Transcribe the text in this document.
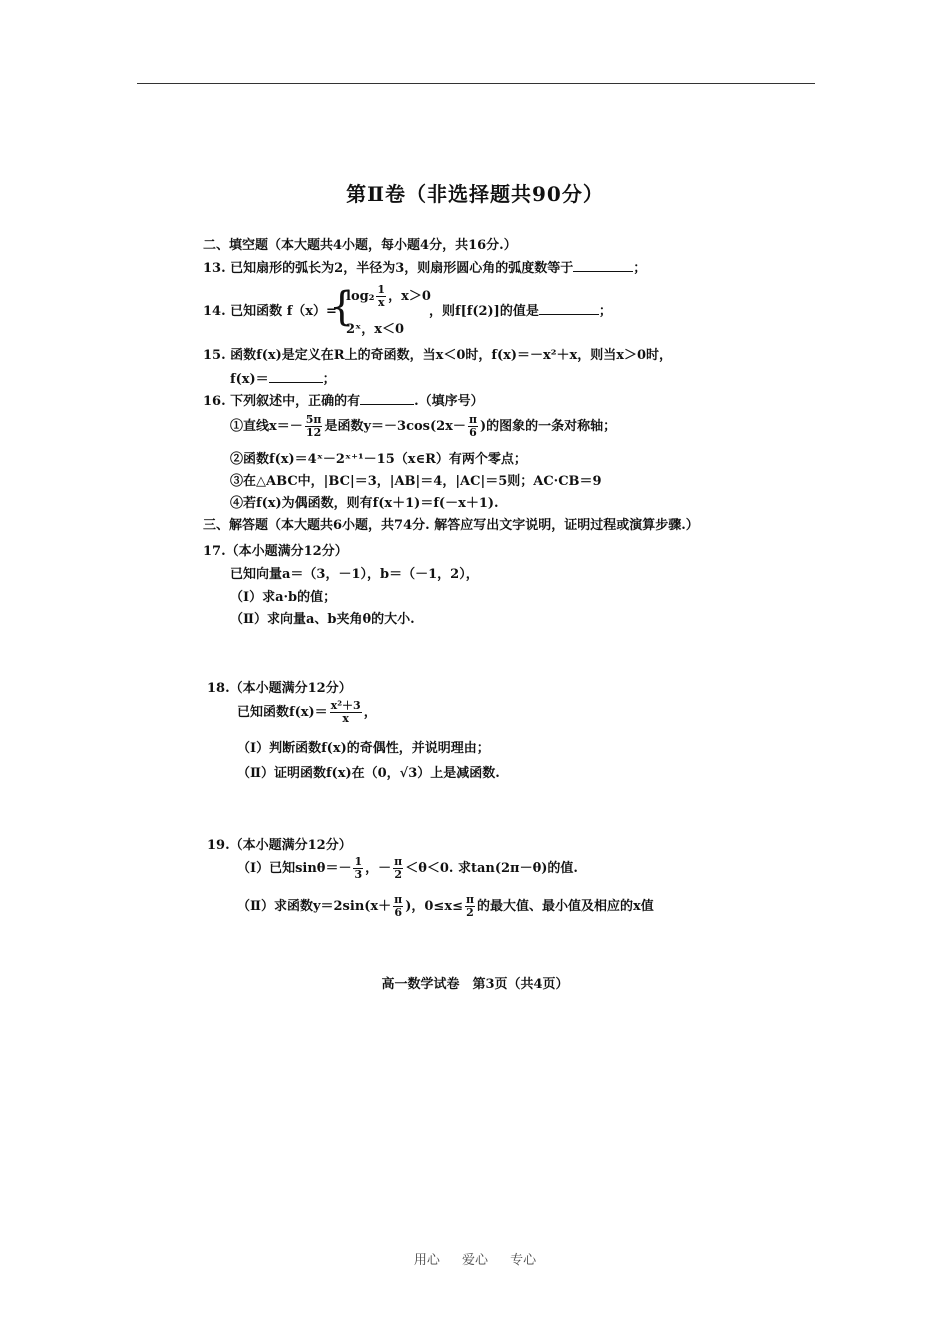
第Ⅱ卷（非选择题共90分）
二、填空题（本大题共4小题，每小题4分，共16分.）
13. 已知扇形的弧长为2，半径为3，则扇形圆心角的弧度数等于	；
14. 已知函数 f（x）=
{
$\log_2 \frac{1}{x}$ ，x＞0
2ˣ，x＜0
，则f[f(2)]的值是	；
15. 函数f(x)是定义在R上的奇函数，当x＜0时，f(x)＝－x²＋x，则当x＞0时，
f(x)＝	；
16. 下列叙述中，正确的有	.（填序号）
①直线$x=- \frac{5\pi}{12}$ 是函数$y=-3\cos(2x- \frac{\pi}{6}$ )的图象的一条对称轴；
②函数f(x)＝4ˣ－2ˣ⁺¹－15（x∈R）有两个零点；
③在△ABC中，|BC|＝3，|AB|＝4，|AC|＝5则；AC·CB＝9
④若f(x)为偶函数，则有f(x＋1)＝f(－x＋1).
三、解答题（本大题共6小题，共74分. 解答应写出文字说明，证明过程或演算步骤.）
17.（本小题满分12分）
已知向量a＝（3，－1），b＝（－1，2），
（Ⅰ）求a·b的值；
（Ⅱ）求向量a、b夹角θ的大小.
18.（本小题满分12分）
已知函数$f(x)= \frac{\text{x²＋3}}{x}$ ，
（Ⅰ）判断函数f(x)的奇偶性，并说明理由；
（Ⅱ）证明函数f(x)在（0，√3）上是减函数.
19.（本小题满分12分）
（Ⅰ）已知$\sin\theta=- \frac{1}{3}$ ，－ $\frac{\pi}{2} <\theta<0$. 求tan(2π－θ)的值.
（Ⅱ）求函数$y=2\sin(x+ \frac{\pi}{6}$ )，$0\le x\le \frac{\pi}{2}$ 的最大值、最小值及相应的x值
高一数学试卷　第3页（共4页）
用心 爱心 专心
